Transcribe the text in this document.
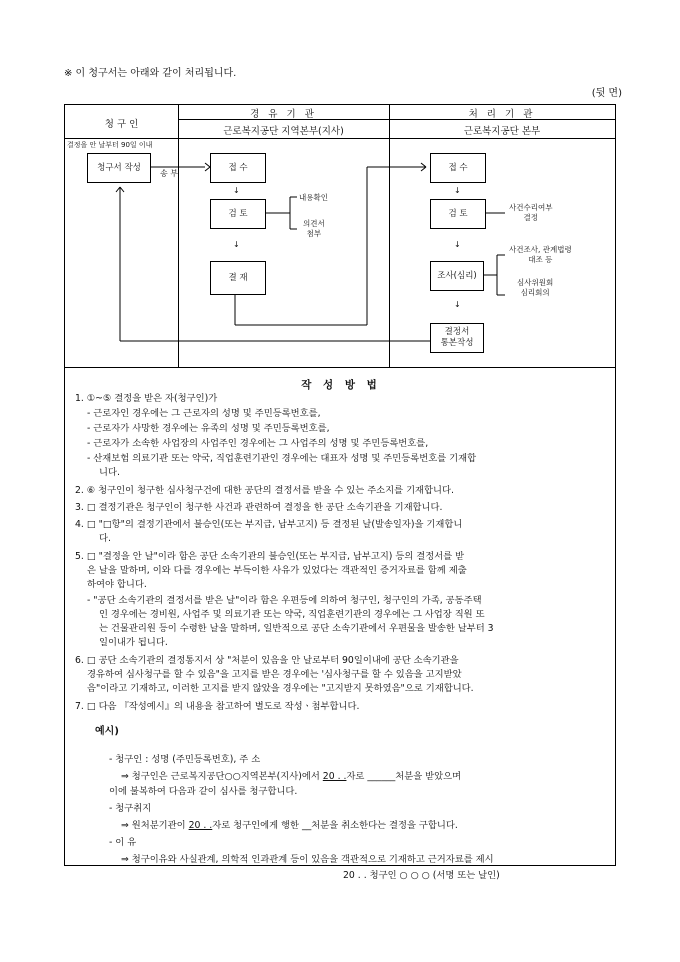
※ 이 청구서는 아래와 같이 처리됩니다.
(뒷 면)
청 구 인
경 유 기 관
근로복지공단 지역본부(지사)
처 리 기 관
근로복지공단 본부
결정을 안 날부터 90일 이내
청구서 작성
송 부
접 수
↓
검 토
내용확인
의견서
첨부
↓
결 재
접 수
↓
검 토
사건수리여부
결정
↓
조사(심리)
사건조사, 관계법령
대조 등
심사위원회
심리회의
↓
결정서
통본작성
작 성 방 법
1. ①~⑤ 결정을 받은 자(청구인)가
- 근로자인 경우에는 그 근로자의 성명 및 주민등록번호를,
- 근로자가 사망한 경우에는 유족의 성명 및 주민등록번호를,
- 근로자가 소속한 사업장의 사업주인 경우에는 그 사업주의 성명 및 주민등록번호를,
- 산재보험 의료기관 또는 약국, 직업훈련기관인 경우에는 대표자 성명 및 주민등록번호를 기재합
니다.
2. ⑥ 청구인이 청구한 심사청구건에 대한 공단의 결정서를 받을 수 있는 주소지를 기재합니다.
3. □ 결정기관은 청구인이 청구한 사건과 관련하여 결정을 한 공단 소속기관을 기재합니다.
4. □ "□항"의 결정기관에서 불승인(또는 부지급, 납부고지) 등 결정된 날(발송일자)을 기재합니
다.
5. □ "결정을 안 날"이라 함은 공단 소속기관의 불승인(또는 부지급, 납부고지) 등의 결정서를 받
은 날을 말하며, 이와 다를 경우에는 부득이한 사유가 있었다는 객관적인 증거자료를 함께 제출
하여야 합니다.
- "공단 소속기관의 결정서를 받은 날"이라 함은 우편등에 의하여 청구인, 청구인의 가족, 공동주택
인 경우에는 경비원, 사업주 및 의료기관 또는 약국, 직업훈련기관의 경우에는 그 사업장 직원 또
는 건물관리원 등이 수령한 날을 말하며, 일반적으로 공단 소속기관에서 우편물을 발송한 날부터 3
일이내가 됩니다.
6. □ 공단 소속기관의 결정통지서 상 "처분이 있음을 안 날로부터 90일이내에 공단 소속기관을
경유하여 심사청구를 할 수 있음"을 고지를 받은 경우에는 '심사청구를 할 수 있음을 고지받았
음"이라고 기재하고, 이러한 고지를 받지 않았을 경우에는 "고지받지 못하였음"으로 기재합니다.
7. □ 다음 『작성예시』의 내용을 참고하여 별도로 작성ㆍ첨부합니다.
예시)
- 청구인 : 성명 (주민등록번호), 주 소
⇒ 청구인은 근로복지공단○○지역본부(지사)에서 20 . .자로 ______처분을 받았으며
이에 불복하여 다음과 같이 심사를 청구합니다.
- 청구취지
⇒ 원처분기관이 20 . .자로 청구인에게 행한 __처분을 취소한다는 결정을 구합니다.
- 이 유
⇒ 청구이유와 사실관계, 의학적 인과관계 등이 있음을 객관적으로 기재하고 근거자료를 제시
20 . . 청구인 ○ ○ ○ (서명 또는 날인)
